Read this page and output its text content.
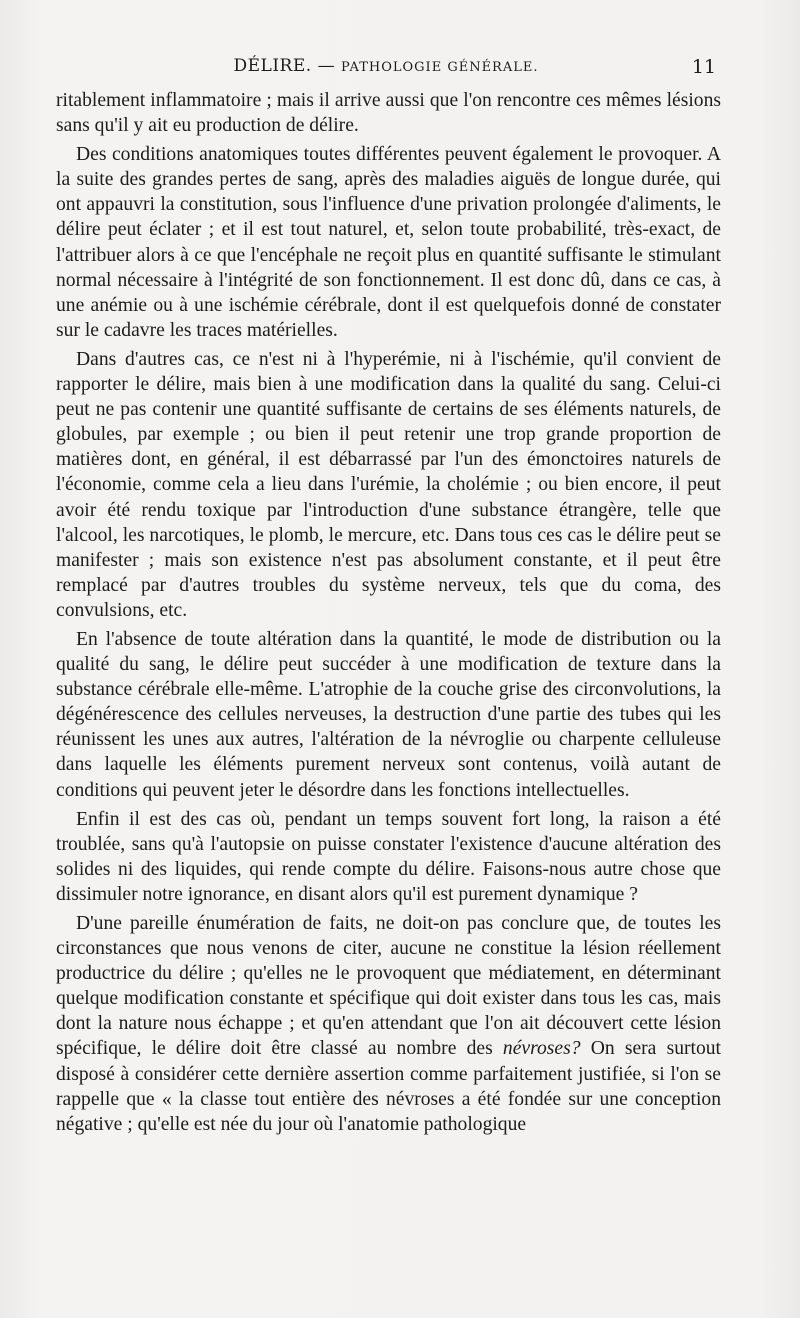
DÉLIRE. — PATHOLOGIE GÉNÉRALE.	11

ritablement inflammatoire ; mais il arrive aussi que l'on rencontre ces mêmes lésions sans qu'il y ait eu production de délire.

Des conditions anatomiques toutes différentes peuvent également le provoquer. A la suite des grandes pertes de sang, après des maladies aiguës de longue durée, qui ont appauvri la constitution, sous l'influence d'une privation prolongée d'aliments, le délire peut éclater ; et il est tout naturel, et, selon toute probabilité, très-exact, de l'attribuer alors à ce que l'encéphale ne reçoit plus en quantité suffisante le stimulant normal nécessaire à l'intégrité de son fonctionnement. Il est donc dû, dans ce cas, à une anémie ou à une ischémie cérébrale, dont il est quelquefois donné de constater sur le cadavre les traces matérielles.

Dans d'autres cas, ce n'est ni à l'hyperémie, ni à l'ischémie, qu'il convient de rapporter le délire, mais bien à une modification dans la qualité du sang. Celui-ci peut ne pas contenir une quantité suffisante de certains de ses éléments naturels, de globules, par exemple ; ou bien il peut retenir une trop grande proportion de matières dont, en général, il est débarrassé par l'un des émonctoires naturels de l'économie, comme cela a lieu dans l'urémie, la cholémie ; ou bien encore, il peut avoir été rendu toxique par l'introduction d'une substance étrangère, telle que l'alcool, les narcotiques, le plomb, le mercure, etc. Dans tous ces cas le délire peut se manifester ; mais son existence n'est pas absolument constante, et il peut être remplacé par d'autres troubles du système nerveux, tels que du coma, des convulsions, etc.

En l'absence de toute altération dans la quantité, le mode de distribution ou la qualité du sang, le délire peut succéder à une modification de texture dans la substance cérébrale elle-même. L'atrophie de la couche grise des circonvolutions, la dégénérescence des cellules nerveuses, la destruction d'une partie des tubes qui les réunissent les unes aux autres, l'altération de la névroglie ou charpente celluleuse dans laquelle les éléments purement nerveux sont contenus, voilà autant de conditions qui peuvent jeter le désordre dans les fonctions intellectuelles.

Enfin il est des cas où, pendant un temps souvent fort long, la raison a été troublée, sans qu'à l'autopsie on puisse constater l'existence d'aucune altération des solides ni des liquides, qui rende compte du délire. Faisons-nous autre chose que dissimuler notre ignorance, en disant alors qu'il est purement dynamique ?

D'une pareille énumération de faits, ne doit-on pas conclure que, de toutes les circonstances que nous venons de citer, aucune ne constitue la lésion réellement productrice du délire ; qu'elles ne le provoquent que médiatement, en déterminant quelque modification constante et spécifique qui doit exister dans tous les cas, mais dont la nature nous échappe ; et qu'en attendant que l'on ait découvert cette lésion spécifique, le délire doit être classé au nombre des névroses? On sera surtout disposé à considérer cette dernière assertion comme parfaitement justifiée, si l'on se rappelle que « la classe tout entière des névroses a été fondée sur une conception négative ; qu'elle est née du jour où l'anatomie pathologique
